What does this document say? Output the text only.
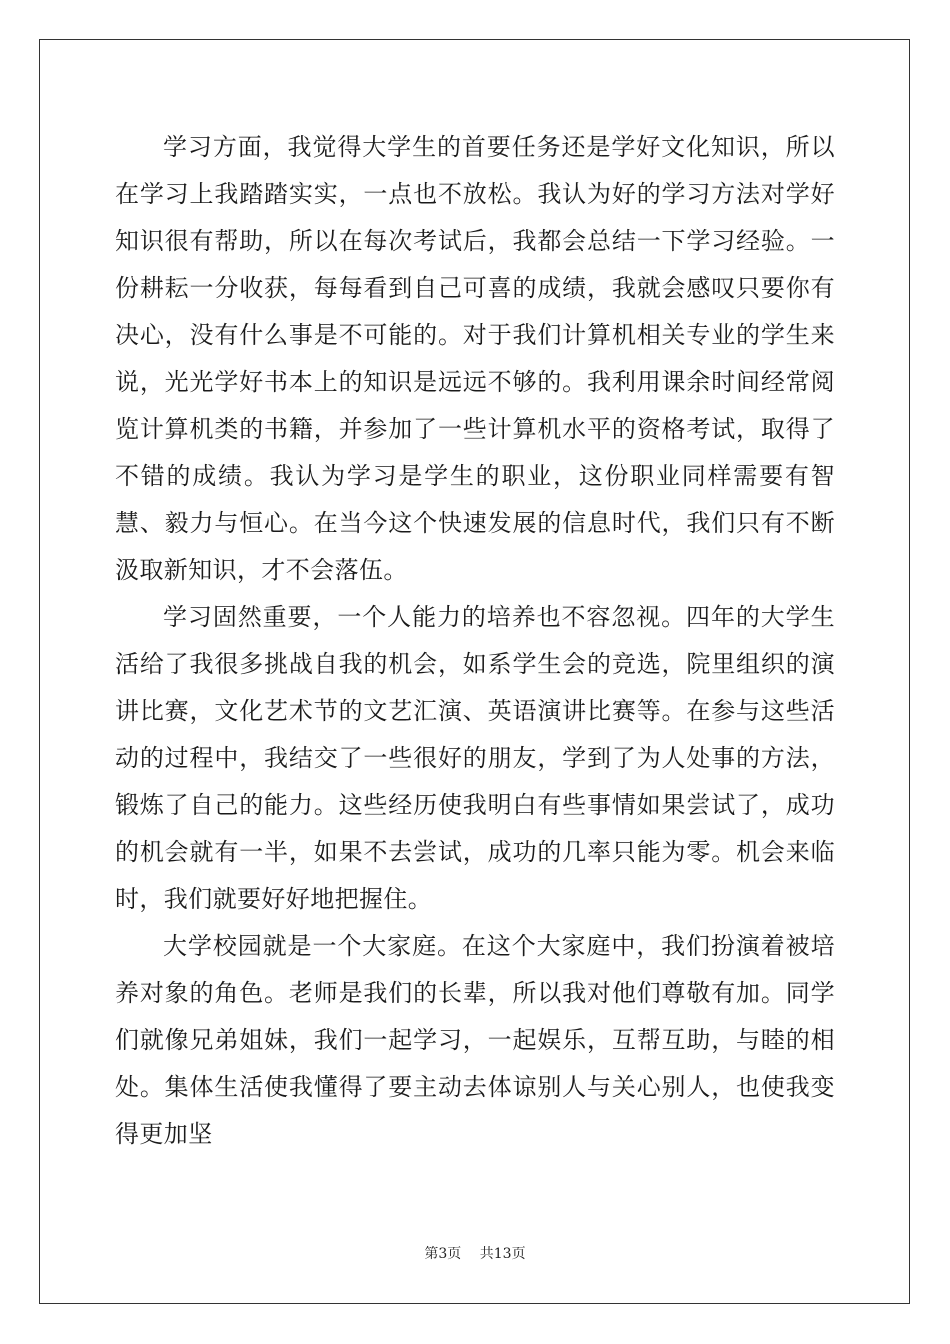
学习方面，我觉得大学生的首要任务还是学好文化知识，所以在学习上我踏踏实实，一点也不放松。我认为好的学习方法对学好知识很有帮助，所以在每次考试后，我都会总结一下学习经验。一份耕耘一分收获，每每看到自己可喜的成绩，我就会感叹只要你有决心，没有什么事是不可能的。对于我们计算机相关专业的学生来说，光光学好书本上的知识是远远不够的。我利用课余时间经常阅览计算机类的书籍，并参加了一些计算机水平的资格考试，取得了不错的成绩。我认为学习是学生的职业，这份职业同样需要有智慧、毅力与恒心。在当今这个快速发展的信息时代，我们只有不断汲取新知识，才不会落伍。

学习固然重要，一个人能力的培养也不容忽视。四年的大学生活给了我很多挑战自我的机会，如系学生会的竞选，院里组织的演讲比赛，文化艺术节的文艺汇演、英语演讲比赛等。在参与这些活动的过程中，我结交了一些很好的朋友，学到了为人处事的方法，锻炼了自己的能力。这些经历使我明白有些事情如果尝试了，成功的机会就有一半，如果不去尝试，成功的几率只能为零。机会来临时，我们就要好好地把握住。

大学校园就是一个大家庭。在这个大家庭中，我们扮演着被培养对象的角色。老师是我们的长辈，所以我对他们尊敬有加。同学们就像兄弟姐妹，我们一起学习，一起娱乐，互帮互助，与睦的相处。集体生活使我懂得了要主动去体谅别人与关心别人，也使我变得更加坚

第3页 共13页
